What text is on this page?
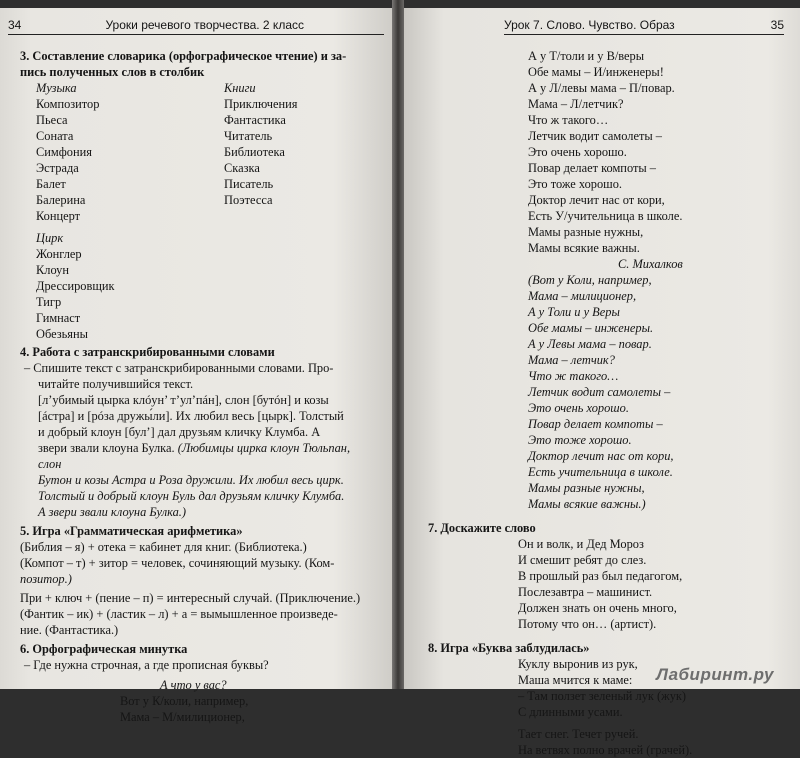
34	Уроки речевого творчества. 2 класс
3. Составление словарика (орфографическое чтение) и за-
пись полученных слов в столбик
Музыка
Композитор
Пьеса
Соната
Симфония
Эстрада
Балет
Балерина
Концерт
Цирк
Жонглер
Клоун
Дрессировщик
Тигр
Гимнаст
Обезьяны
Книги
Приключения
Фантастика
Читатель
Библиотека
Сказка
Писатель
Поэтесса
4. Работа с затранскрибированными словами
– Спишите текст с затранскрибированными словами. Про-
читайте получившийся текст.
[л’убимый цырка клóун’ т’ул’пáн], слон [бутóн] и козы
[áстра] и [рóза дружы́ли]. Их любил весь [цырк]. Толстый
и добрый клоун [бул’] дал друзьям кличку Клумба. А
звери звали клоуна Булка. (Любимцы цирка клоун Тюльпан, слон
Бутон и козы Астра и Роза дружили. Их любил весь цирк.
Толстый и добрый клоун Буль дал друзьям кличку Клумба.
А звери звали клоуна Булка.)
5. Игра «Грамматическая арифметика»
(Библия – я) + отека = кабинет для книг. (Библиотека.)
(Компот – т) + зитор = человек, сочиняющий музыку. (Ком-
позитор.)
При + ключ + (пение – п) = интересный случай. (Приключение.)
(Фантик – ик) + (ластик – л) + а = вымышленное произведе-
ние. (Фантастика.)
6. Орфографическая минутка
– Где нужна строчная, а где прописная буквы?
А что у вас?
Вот у К/коли, например,
Мама – М/милиционер,
Урок 7. Слово. Чувство. Образ	35
А у Т/толи и у В/веры
Обе мамы – И/инженеры!
А у Л/левы мама – П/повар.
Мама – Л/летчик?
Что ж такого…
Летчик водит самолеты –
Это очень хорошо.
Повар делает компоты –
Это тоже хорошо.
Доктор лечит нас от кори,
Есть У/учительница в школе.
Мамы разные нужны,
Мамы всякие важны.
С. Михалков
(Вот у Коли, например,
Мама – милиционер,
А у Толи и у Веры
Обе мамы – инженеры.
А у Левы мама – повар.
Мама – летчик?
Что ж такого…
Летчик водит самолеты –
Это очень хорошо.
Повар делает компоты –
Это тоже хорошо.
Доктор лечит нас от кори,
Есть учительница в школе.
Мамы разные нужны,
Мамы всякие важны.)
7. Доскажите слово
Он и волк, и Дед Мороз
И смешит ребят до слез.
В прошлый раз был педагогом,
Послезавтра – машинист.
Должен знать он очень много,
Потому что он… (артист).
8. Игра «Буква заблудилась»
Куклу выронив из рук,
Маша мчится к маме:
– Там ползет зеленый лук (жук)
С длинными усами.
Тает снег. Течет ручей.
На ветвях полно врачей (грачей).
Лабиринт.ру
